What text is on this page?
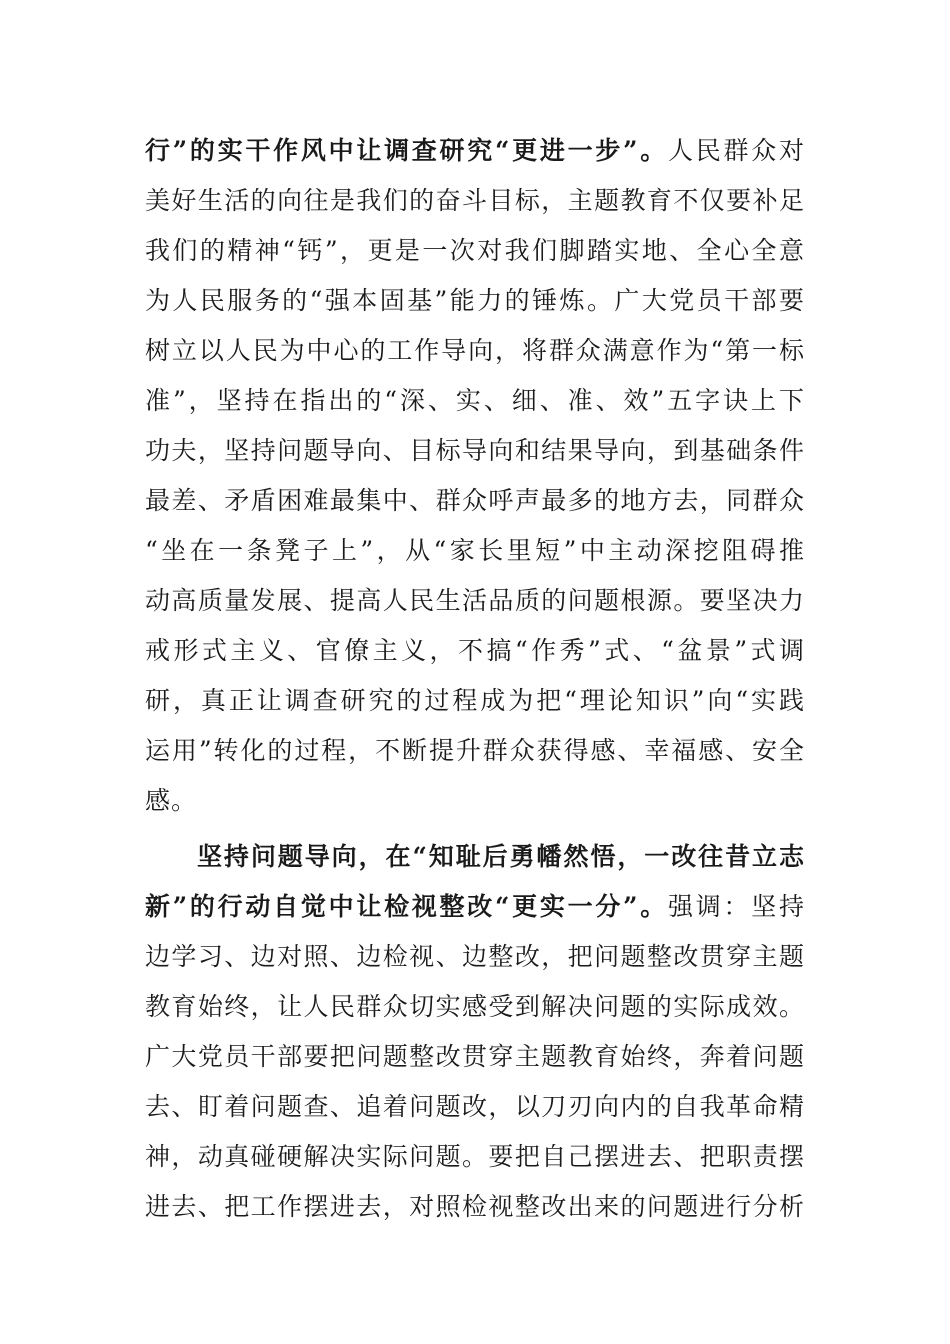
行”的实干作风中让调查研究“更进一步”。人民群众对
美好生活的向往是我们的奋斗目标，主题教育不仅要补足
我们的精神“钙”，更是一次对我们脚踏实地、全心全意
为人民服务的“强本固基”能力的锤炼。广大党员干部要
树立以人民为中心的工作导向，将群众满意作为“第一标
准”，坚持在指出的“深、实、细、准、效”五字诀上下
功夫，坚持问题导向、目标导向和结果导向，到基础条件
最差、矛盾困难最集中、群众呼声最多的地方去，同群众
“坐在一条凳子上”，从“家长里短”中主动深挖阻碍推
动高质量发展、提高人民生活品质的问题根源。要坚决力
戒形式主义、官僚主义，不搞“作秀”式、“盆景”式调
研，真正让调查研究的过程成为把“理论知识”向“实践
运用”转化的过程，不断提升群众获得感、幸福感、安全
感。
坚持问题导向，在“知耻后勇幡然悟，一改往昔立志
新”的行动自觉中让检视整改“更实一分”。强调：坚持
边学习、边对照、边检视、边整改，把问题整改贯穿主题
教育始终，让人民群众切实感受到解决问题的实际成效。
广大党员干部要把问题整改贯穿主题教育始终，奔着问题
去、盯着问题查、追着问题改，以刀刃向内的自我革命精
神，动真碰硬解决实际问题。要把自己摆进去、把职责摆
进去、把工作摆进去，对照检视整改出来的问题进行分析
